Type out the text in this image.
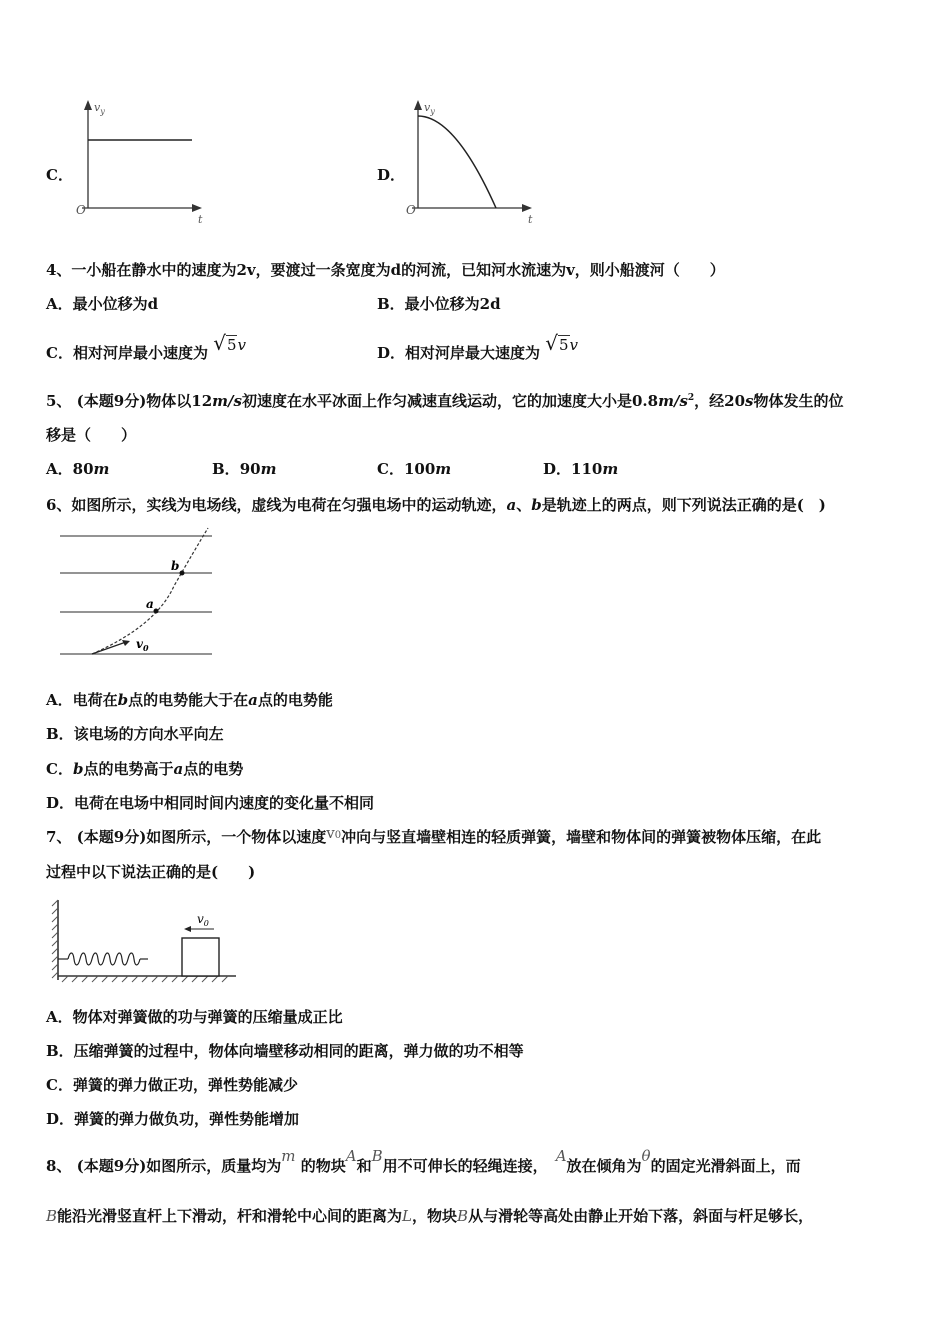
C．
$v_y$
t
O
D．
$v_y$
t
O
4、一小船在静水中的速度为2v，要渡过一条宽度为d的河流，已知河水流速为v，则小船渡河（　　）
A．最小位移为d	B．最小位移为2d
C．相对河岸最小速度为 √5v	D．相对河岸最大速度为 √5v
5、 (本题9分)物体以12m/s初速度在水平冰面上作匀减速直线运动，它的加速度大小是$0.8m/s^2$，经20s物体发生的位
移是（　　）
A．80m	B．90m	C．100m	D．110m
6、如图所示，实线为电场线，虚线为电荷在匀强电场中的运动轨迹，a、b是轨迹上的两点，则下列说法正确的是(　)
b
a
$v_0$
A．电荷在b点的电势能大于在a点的电势能
B．该电场的方向水平向左
C．b点的电势高于a点的电势
D．电荷在电场中相同时间内速度的变化量不相同
7、 (本题9分)如图所示，一个物体以速度v0冲向与竖直墙壁相连的轻质弹簧，墙壁和物体间的弹簧被物体压缩，在此
过程中以下说法正确的是(　　)
$v_0$
A．物体对弹簧做的功与弹簧的压缩量成正比
B．压缩弹簧的过程中，物体向墙壁移动相同的距离，弹力做的功不相等
C．弹簧的弹力做正功，弹性势能减少
D．弹簧的弹力做负功，弹性势能增加
8、 (本题9分)如图所示，质量均为m 的物块A和B用不可伸长的轻绳连接，A放在倾角为θ的固定光滑斜面上，而
B能沿光滑竖直杆上下滑动，杆和滑轮中心间的距离为L，物块B从与滑轮等高处由静止开始下落，斜面与杆足够长，
